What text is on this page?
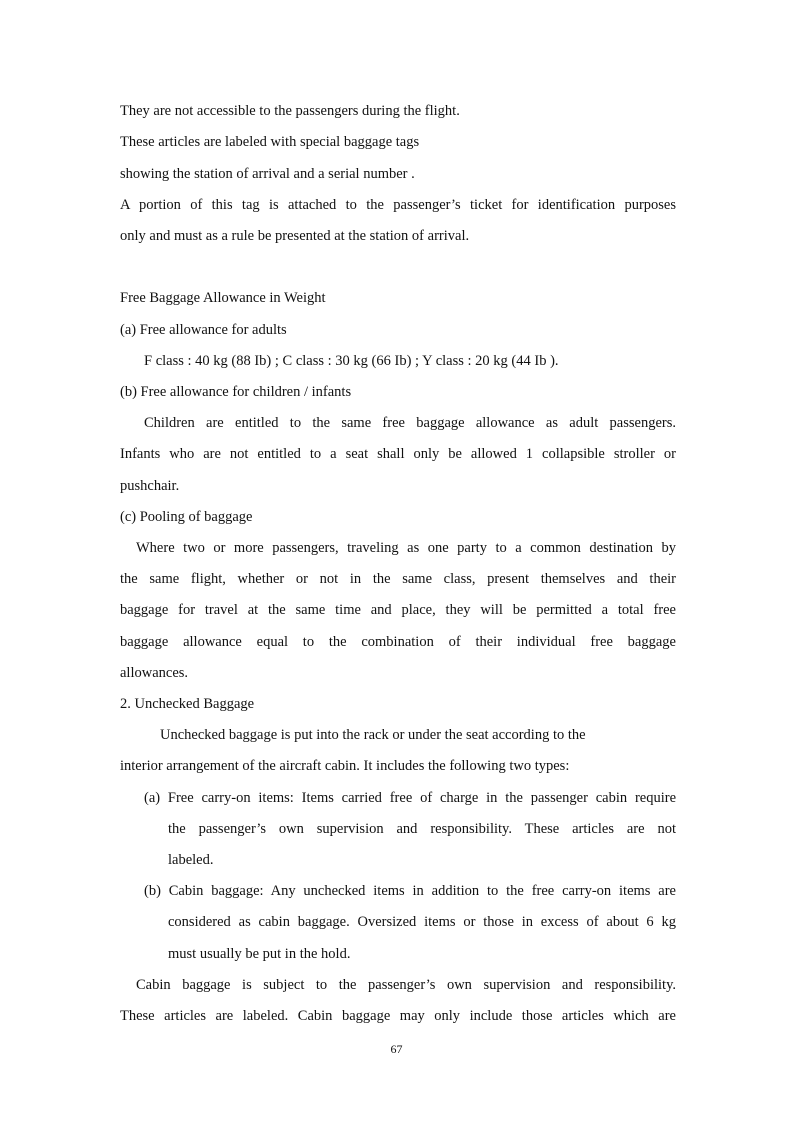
They are not accessible to the passengers during the flight.
These articles are labeled with special baggage tags
showing the station of arrival and a serial number .
A portion of this tag is attached to the passenger’s ticket for identification purposes
only and must as a rule be presented at the station of arrival.
Free Baggage Allowance in Weight
(a) Free allowance for adults
F class : 40 kg (88 Ib) ; C class : 30 kg (66 Ib) ; Y class : 20 kg (44 Ib ).
(b) Free allowance for children / infants
Children are entitled to the same free baggage allowance as adult passengers.
Infants who are not entitled to a seat shall only be allowed 1 collapsible stroller or
pushchair.
(c) Pooling of baggage
Where two or more passengers, traveling as one party to a common destination by
the same flight, whether or not in the same class, present themselves and their
baggage for travel at the same time and place, they will be permitted a total free
baggage allowance equal to the combination of their individual free baggage
allowances.
2. Unchecked Baggage
Unchecked baggage is put into the rack or under the seat according to the
interior arrangement of the aircraft cabin. It includes the following two types:
(a) Free carry-on items: Items carried free of charge in the passenger cabin require
the passenger’s own supervision and responsibility. These articles are not
labeled.
(b) Cabin baggage: Any unchecked items in addition to the free carry-on items are
considered as cabin baggage. Oversized items or those in excess of about 6 kg
must usually be put in the hold.
Cabin baggage is subject to the passenger’s own supervision and responsibility.
These articles are labeled. Cabin baggage may only include those articles which are
67
